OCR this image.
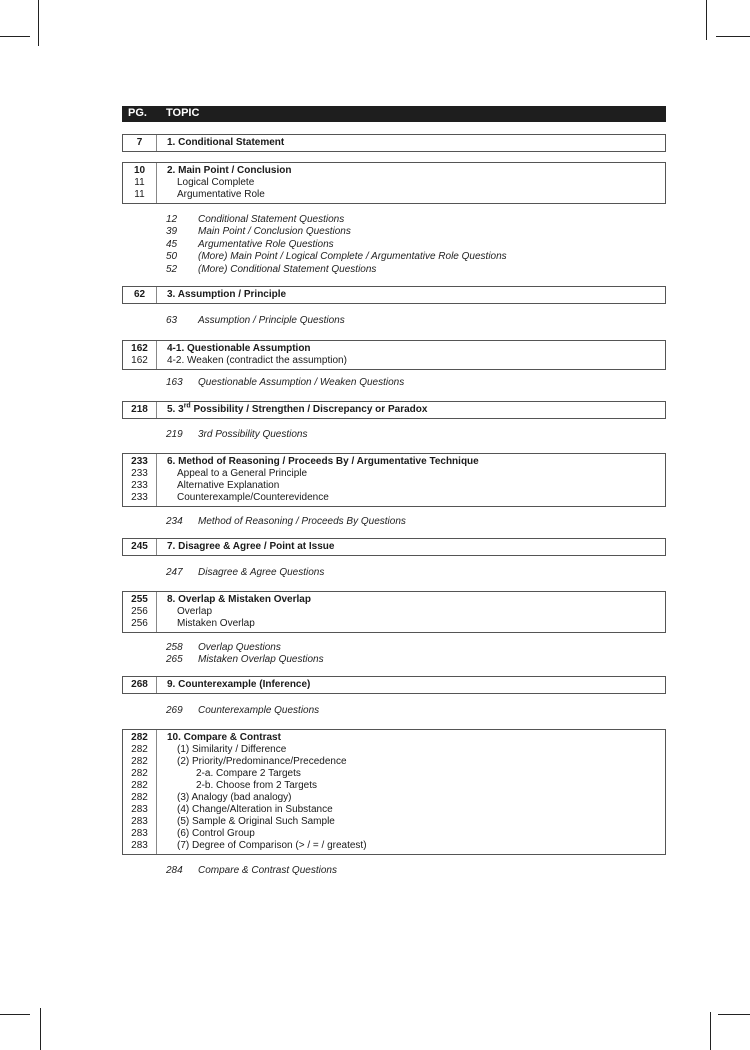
PG. TOPIC
7	1. Conditional Statement
10	2. Main Point / Conclusion
11	Logical Complete
11	Argumentative Role
12 Conditional Statement Questions
39 Main Point / Conclusion Questions
45 Argumentative Role Questions
50 (More) Main Point / Logical Complete / Argumentative Role Questions
52 (More) Conditional Statement Questions
62	3. Assumption / Principle
63 Assumption / Principle Questions
162	4-1. Questionable Assumption
162	4-2. Weaken (contradict the assumption)
163 Questionable Assumption / Weaken Questions
218	5. 3rd Possibility / Strengthen / Discrepancy or Paradox
219 3rd Possibility Questions
233	6. Method of Reasoning / Proceeds By / Argumentative Technique
233	Appeal to a General Principle
233	Alternative Explanation
233	Counterexample/Counterevidence
234 Method of Reasoning / Proceeds By Questions
245	7. Disagree & Agree / Point at Issue
247 Disagree & Agree Questions
255	8. Overlap & Mistaken Overlap
256	Overlap
256	Mistaken Overlap
258 Overlap Questions
265 Mistaken Overlap Questions
268	9. Counterexample (Inference)
269 Counterexample Questions
282	10. Compare & Contrast
282	(1) Similarity / Difference
282	(2) Priority/Predominance/Precedence
282	2-a. Compare 2 Targets
282	2-b. Choose from 2 Targets
282	(3) Analogy (bad analogy)
283	(4) Change/Alteration in Substance
283	(5) Sample & Original Such Sample
283	(6) Control Group
283	(7) Degree of Comparison (> / = / greatest)
284 Compare & Contrast Questions
